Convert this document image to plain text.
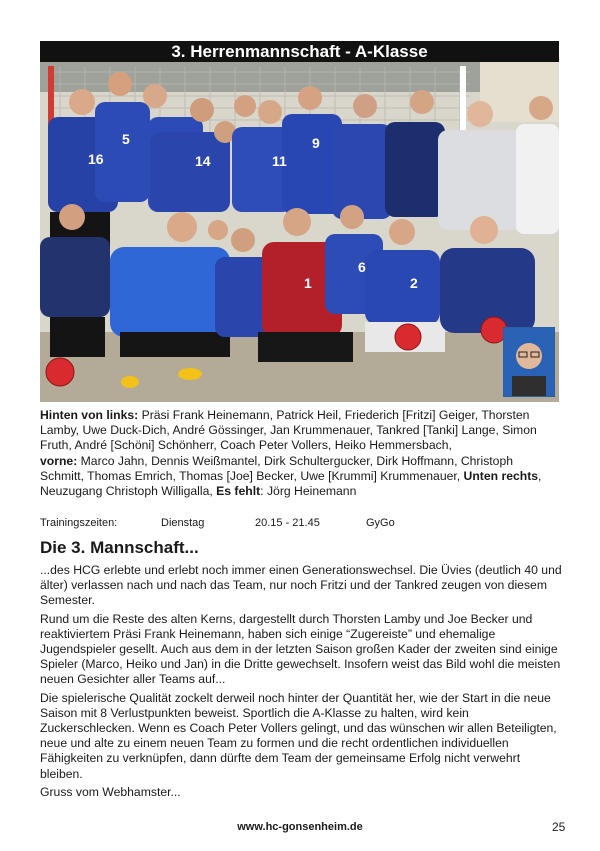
3. Herrenmannschaft - A-Klasse
16
5
14	11
9
1
6
2
Hinten von links: Präsi Frank Heinemann, Patrick Heil, Friederich [Fritzi] Geiger, Thorsten Lamby, Uwe Duck-Dich, André Gössinger, Jan Krummenauer, Tankred [Tanki] Lange, Simon Fruth, André [Schöni] Schönherr, Coach Peter Vollers, Heiko Hemmersbach,
vorne: Marco Jahn, Dennis Weißmantel, Dirk Schultergucker, Dirk Hoffmann, Christoph Schmitt, Thomas Emrich, Thomas [Joe] Becker, Uwe [Krummi] Krummenauer, Unten rechts, Neuzugang Christoph Willigalla, Es fehlt: Jörg Heinemann
Trainingszeiten:	Dienstag	20.15 - 21.45	GyGo
Die 3. Mannschaft...

...des HCG erlebte und erlebt noch immer einen Generationswechsel. Die Üvies (deutlich 40 und älter) verlassen nach und nach das Team, nur noch Fritzi und der Tankred zeugen von diesem Semester.

Rund um die Reste des alten Kerns, dargestellt durch Thorsten Lamby und Joe Becker und reaktiviertem Präsi Frank Heinemann, haben sich einige “Zugereiste” und ehemalige Jugendspieler gesellt. Auch aus dem in der letzten Saison großen Kader der zweiten sind einige Spieler (Marco, Heiko und Jan) in die Dritte gewechselt. Insofern weist das Bild wohl die meisten neuen Gesichter aller Teams auf...

Die spielerische Qualität zockelt derweil noch hinter der Quantität her, wie der Start in die neue Saison mit 8 Verlustpunkten beweist. Sportlich die A-Klasse zu halten, wird kein Zuckerschlecken. Wenn es Coach Peter Vollers gelingt, und das wünschen wir allen Beteiligten, neue und alte zu einem neuen Team zu formen und die recht ordentlichen individuellen Fähigkeiten zu verknüpfen, dann dürfte dem Team der gemeinsame Erfolg nicht verwehrt bleiben.

Gruss vom Webhamster...

www.hc-gonsenheim.de	25
